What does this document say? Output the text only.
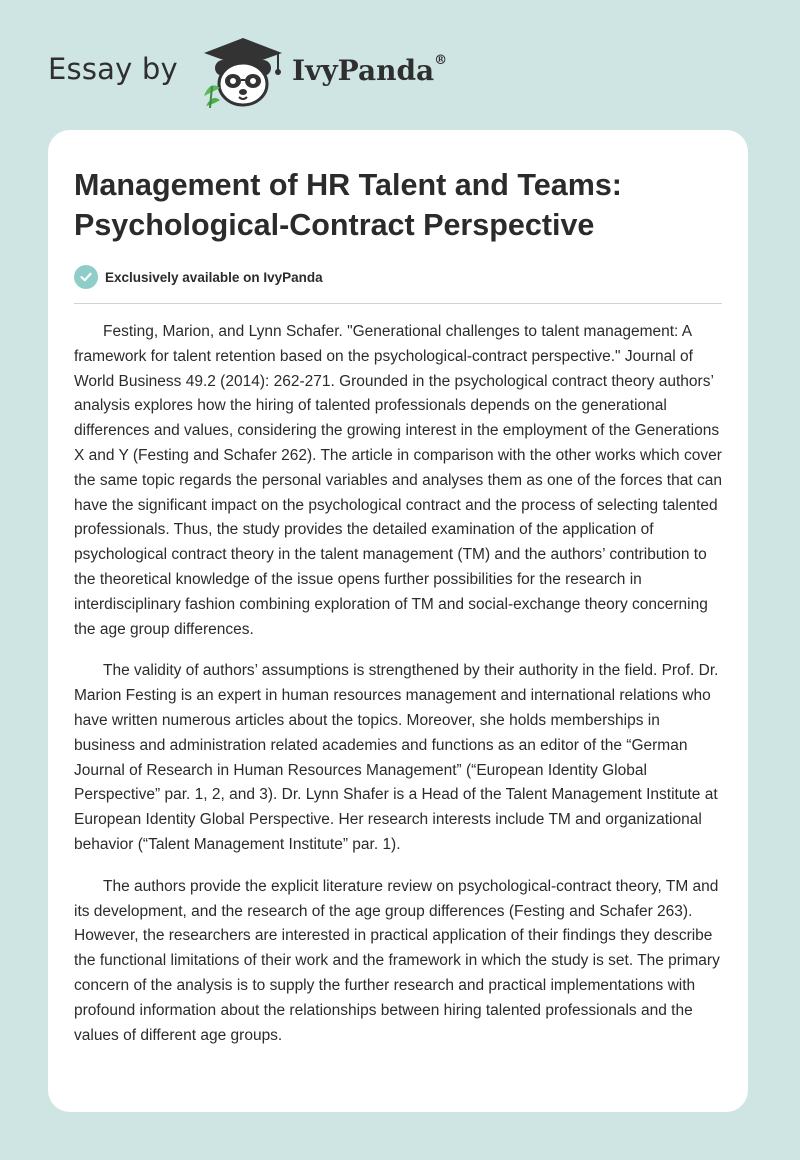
Essay by	IvyPanda®
Management of HR Talent and Teams: Psychological-Contract Perspective
Exclusively available on IvyPanda

Festing, Marion, and Lynn Schafer. "Generational challenges to talent management: A framework for talent retention based on the psychological-contract perspective." Journal of World Business 49.2 (2014): 262-271. Grounded in the psychological contract theory authors’ analysis explores how the hiring of talented professionals depends on the generational differences and values, considering the growing interest in the employment of the Generations X and Y (Festing and Schafer 262). The article in comparison with the other works which cover the same topic regards the personal variables and analyses them as one of the forces that can have the significant impact on the psychological contract and the process of selecting talented professionals. Thus, the study provides the detailed examination of the application of psychological contract theory in the talent management (TM) and the authors’ contribution to the theoretical knowledge of the issue opens further possibilities for the research in interdisciplinary fashion combining exploration of TM and social-exchange theory concerning the age group differences.

The validity of authors’ assumptions is strengthened by their authority in the field. Prof. Dr. Marion Festing is an expert in human resources management and international relations who have written numerous articles about the topics. Moreover, she holds memberships in business and administration related academies and functions as an editor of the “German Journal of Research in Human Resources Management” (“European Identity Global Perspective” par. 1, 2, and 3). Dr. Lynn Shafer is a Head of the Talent Management Institute at European Identity Global Perspective. Her research interests include TM and organizational behavior (“Talent Management Institute” par. 1).

The authors provide the explicit literature review on psychological-contract theory, TM and its development, and the research of the age group differences (Festing and Schafer 263). However, the researchers are interested in practical application of their findings they describe the functional limitations of their work and the framework in which the study is set. The primary concern of the analysis is to supply the further research and practical implementations with profound information about the relationships between hiring talented professionals and the values of different age groups.
